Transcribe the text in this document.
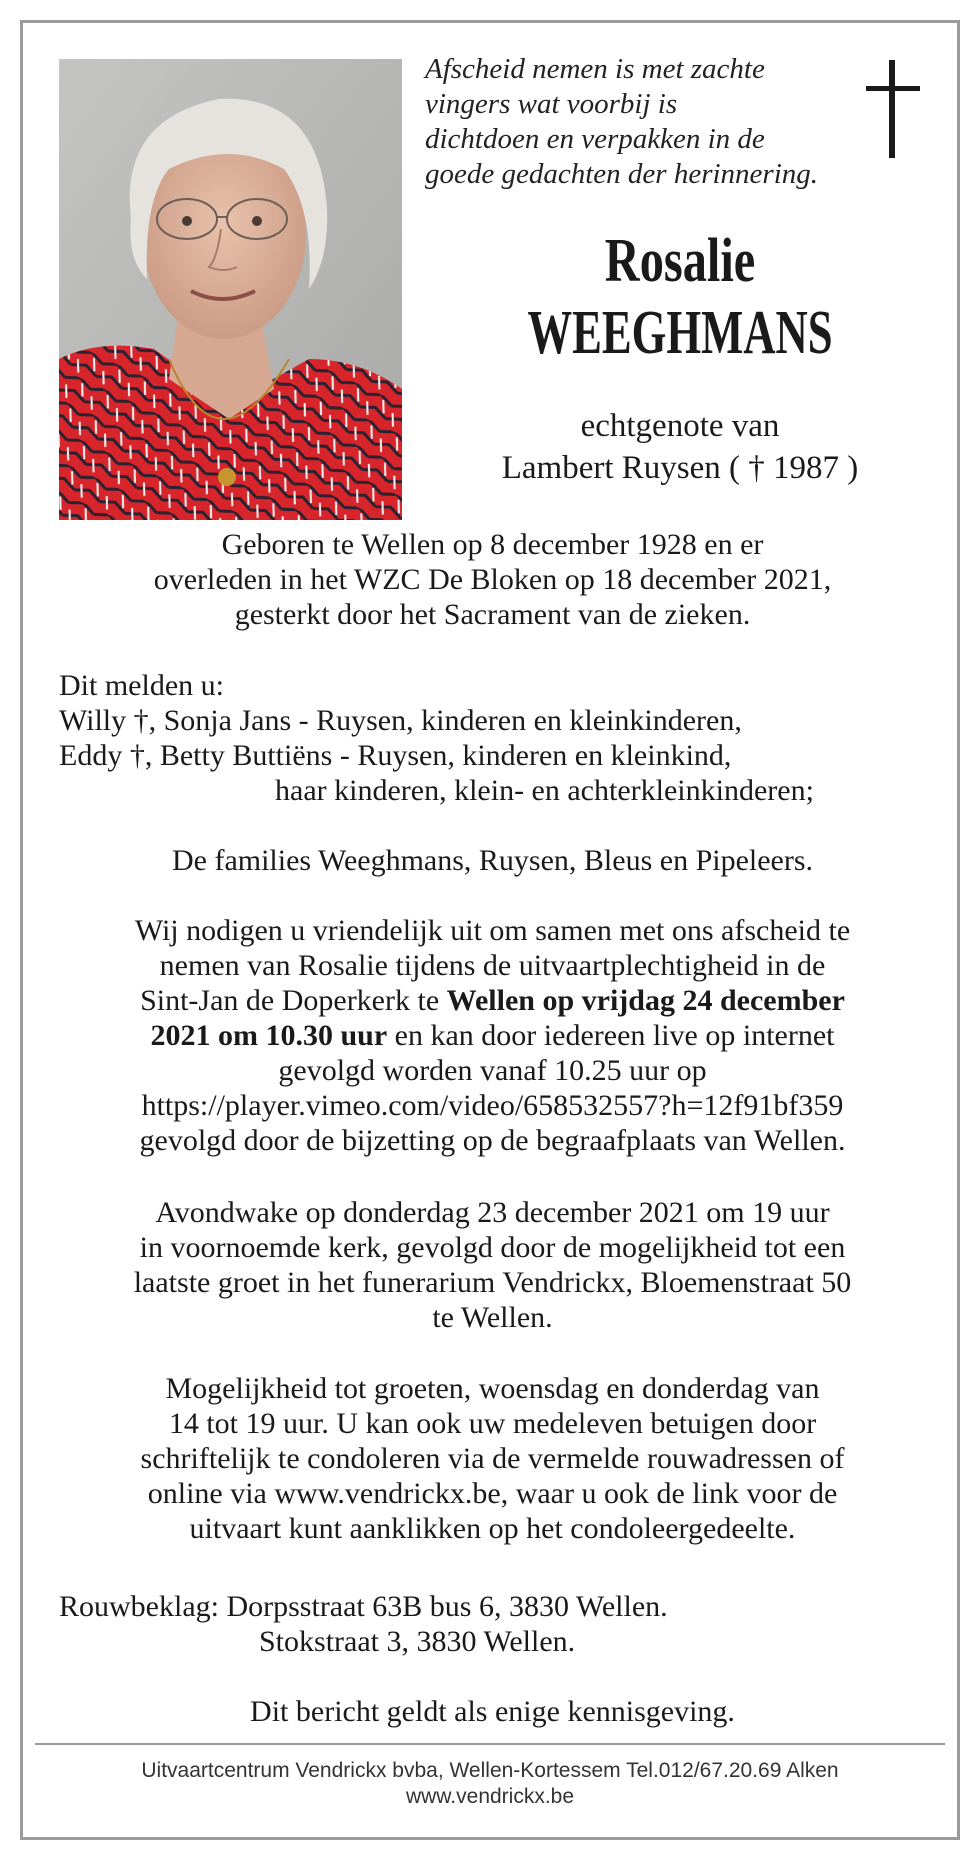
Afscheid nemen is met zachte
vingers wat voorbij is
dichtdoen en verpakken in de
goede gedachten der herinnering.
Rosalie
WEEGHMANS
echtgenote van
Lambert Ruysen ( † 1987 )
Geboren te Wellen op 8 december 1928 en er
overleden in het WZC De Bloken op 18 december 2021,
gesterkt door het Sacrament van de zieken.
Dit melden u:
Willy †, Sonja Jans - Ruysen, kinderen en kleinkinderen,
Eddy †, Betty Buttiëns - Ruysen, kinderen en kleinkind,
haar kinderen, klein- en achterkleinkinderen;
De families Weeghmans, Ruysen, Bleus en Pipeleers.
Wij nodigen u vriendelijk uit om samen met ons afscheid te
nemen van Rosalie tijdens de uitvaartplechtigheid in de
Sint-Jan de Doperkerk te Wellen op vrijdag 24 december
2021 om 10.30 uur en kan door iedereen live op internet
gevolgd worden vanaf 10.25 uur op
https://player.vimeo.com/video/658532557?h=12f91bf359
gevolgd door de bijzetting op de begraafplaats van Wellen.
Avondwake op donderdag 23 december 2021 om 19 uur
in voornoemde kerk, gevolgd door de mogelijkheid tot een
laatste groet in het funerarium Vendrickx, Bloemenstraat 50
te Wellen.
Mogelijkheid tot groeten, woensdag en donderdag van
14 tot 19 uur. U kan ook uw medeleven betuigen door
schriftelijk te condoleren via de vermelde rouwadressen of
online via www.vendrickx.be, waar u ook de link voor de
uitvaart kunt aanklikken op het condoleergedeelte.
Rouwbeklag: Dorpsstraat 63B bus 6, 3830 Wellen.
Stokstraat 3, 3830 Wellen.
Dit bericht geldt als enige kennisgeving.
Uitvaartcentrum Vendrickx bvba, Wellen-Kortessem Tel.012/67.20.69 Alken
www.vendrickx.be
